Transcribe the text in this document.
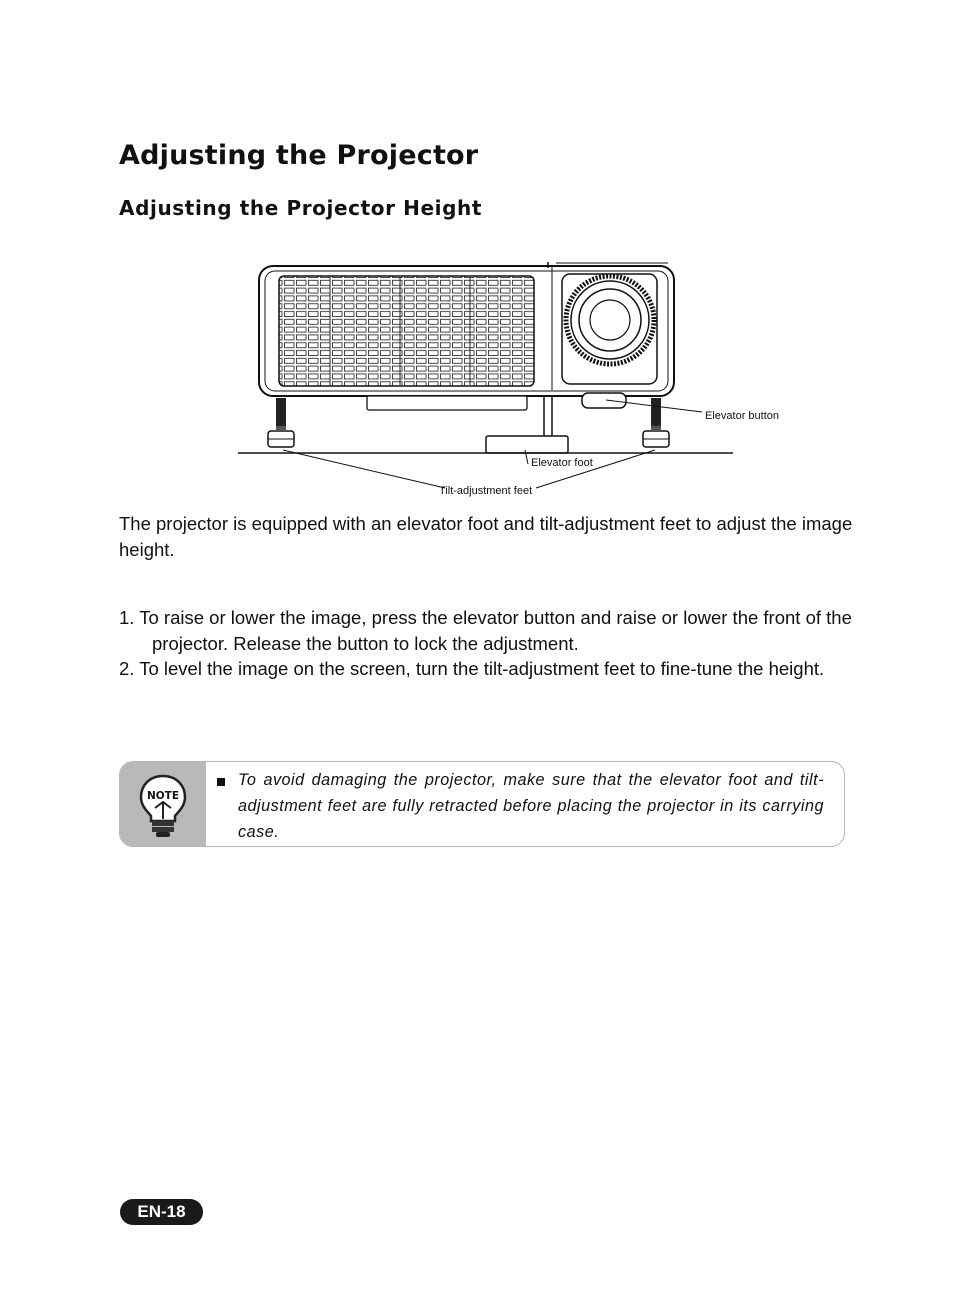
Adjusting the Projector
Adjusting the Projector Height
Elevator button
Elevator foot
Tilt-adjustment feet

The projector is equipped with an elevator foot and tilt-adjustment feet to adjust the image height.

1. To raise or lower the image, press the elevator button and raise or lower the front of the projector. Release the button to lock the adjustment.
2. To level the image on the screen, turn the tilt-adjustment feet to fine-tune the height.
NOTE

To avoid damaging the projector, make sure that the elevator foot and tilt-adjustment feet are fully retracted before placing the projector in its carrying case.

EN-18
